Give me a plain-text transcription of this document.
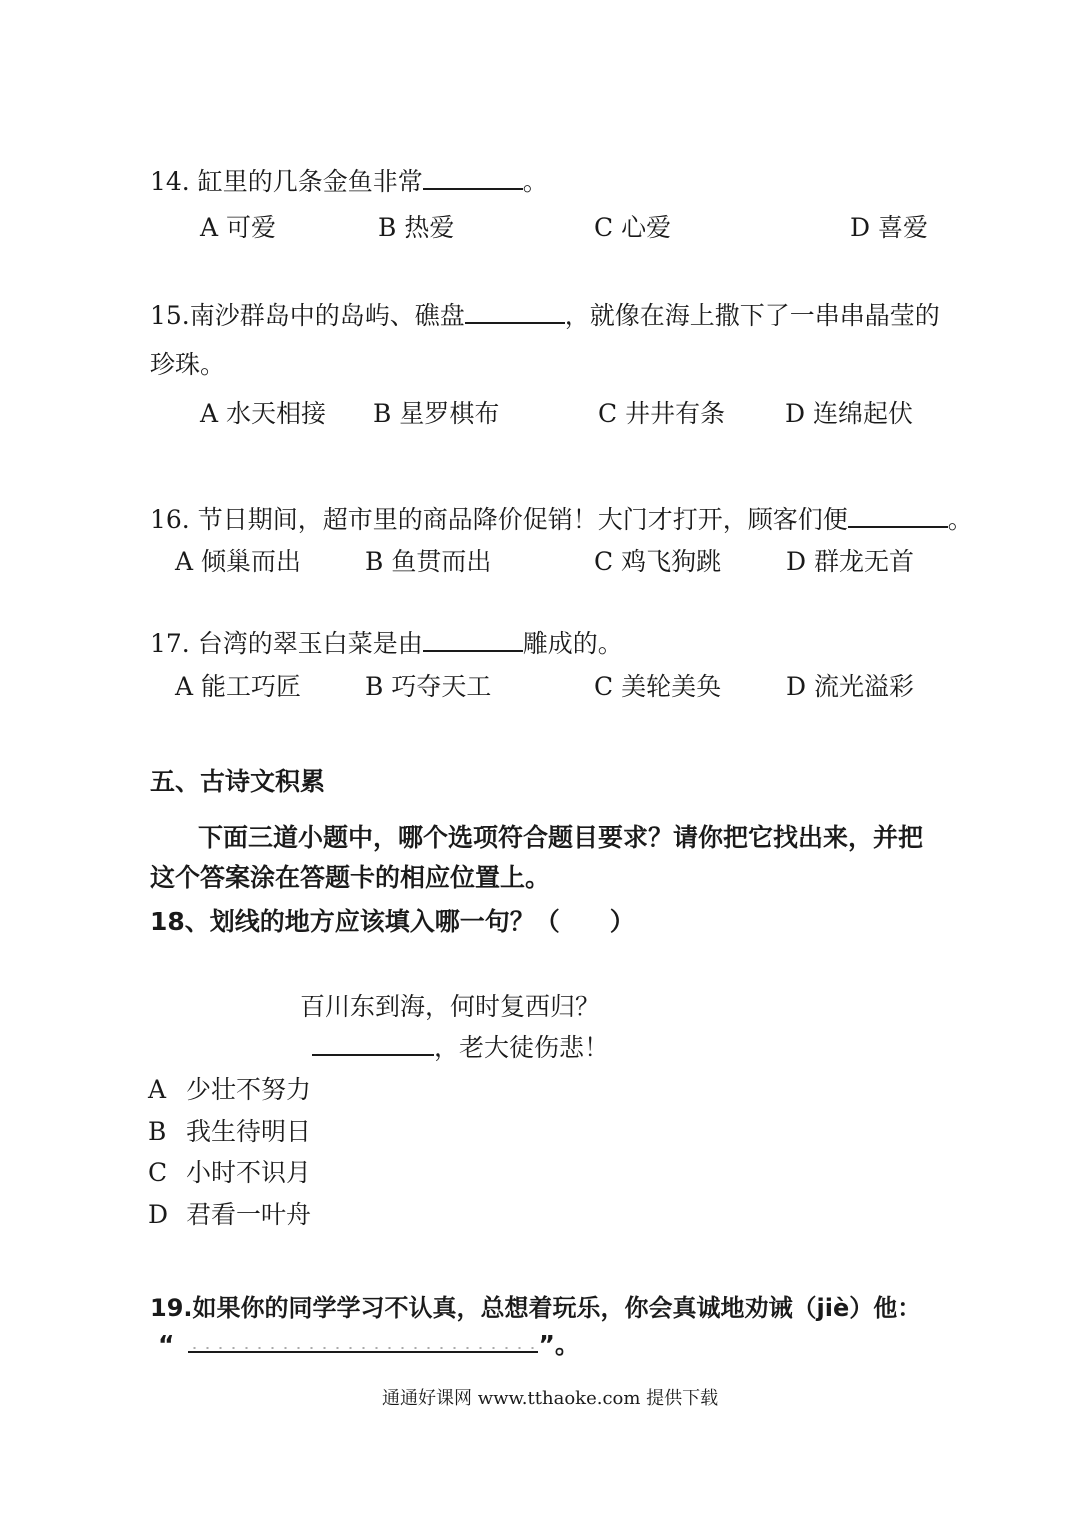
14. 缸里的几条金鱼非常	。
A 可爱	B 热爱	C 心爱	D 喜爱
15.南沙群岛中的岛屿、礁盘	，就像在海上撒下了一串串晶莹的
珍珠。
A 水天相接 B 星罗棋布	C 井井有条 D 连绵起伏
16. 节日期间，超市里的商品降价促销！大门才打开，顾客们便	。
A 倾巢而出	B 鱼贯而出	C 鸡飞狗跳	D 群龙无首
17. 台湾的翠玉白菜是由	雕成的。
A 能工巧匠	B 巧夺天工	C 美轮美奂	D 流光溢彩
五、古诗文积累
下面三道小题中，哪个选项符合题目要求？请你把它找出来，并把
这个答案涂在答题卡的相应位置上。
18、划线的地方应该填入哪一句？（　　）
百川东到海，何时复西归？
，老大徒伤悲！
A 少壮不努力
B 我生待明日
C 小时不识月
D 君看一叶舟
19.如果你的同学学习不认真，总想着玩乐，你会真诚地劝诫（jiè）他：
“	”。
通通好课网 www.tthaoke.com 提供下载
